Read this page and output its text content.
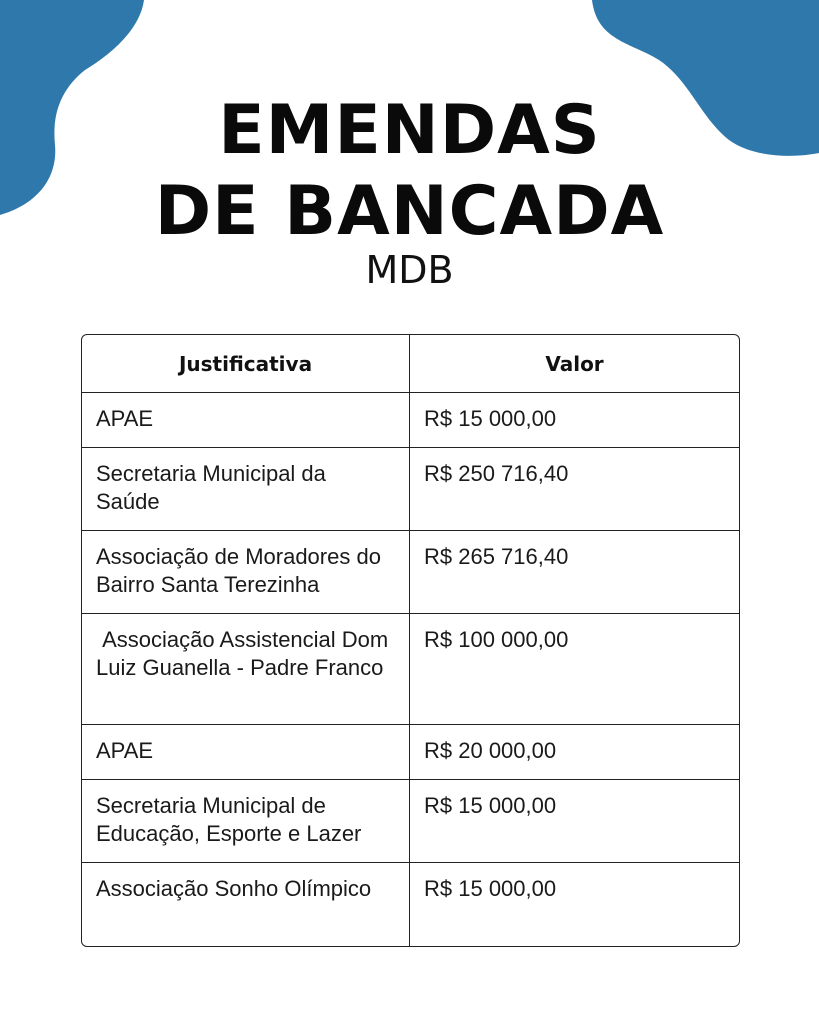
EMENDAS
DE BANCADA
MDB
Justificativa	Valor
APAE	R$ 15 000,00
Secretaria Municipal da Saúde	R$ 250 716,40
Associação de Moradores do Bairro Santa Terezinha	R$ 265 716,40
Associação Assistencial Dom Luiz Guanella - Padre Franco	R$ 100 000,00
APAE	R$ 20 000,00
Secretaria Municipal de Educação, Esporte e Lazer	R$ 15 000,00
Associação Sonho Olímpico	R$ 15 000,00
